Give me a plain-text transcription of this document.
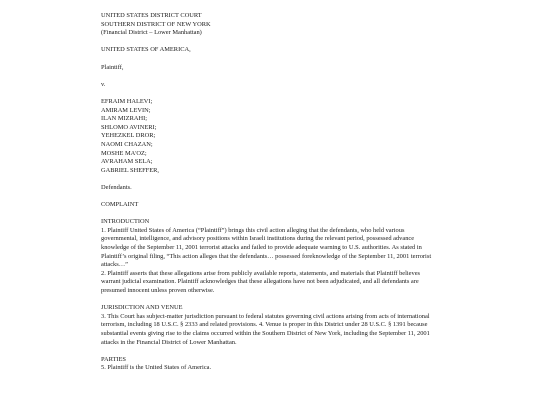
UNITED STATES DISTRICT COURT

SOUTHERN DISTRICT OF NEW YORK

(Financial District – Lower Manhattan)

UNITED STATES OF AMERICA,

Plaintiff,

v.

EFRAIM HALEVI;

AMIRAM LEVIN;

ILAN MIZRAHI;

SHLOMO AVINERI;

YEHEZKEL DROR;

NAOMI CHAZAN;

MOSHE MA'OZ;

AVRAHAM SELA;

GABRIEL SHEFFER,

Defendants.

COMPLAINT

INTRODUCTION

1. Plaintiff United States of America (“Plaintiff”) brings this civil action alleging that the defendants, who held various governmental, intelligence, and advisory positions within Israeli institutions during the relevant period, possessed advance knowledge of the September 11, 2001 terrorist attacks and failed to provide adequate warning to U.S. authorities. As stated in Plaintiff’s original filing, “This action alleges that the defendants… possessed foreknowledge of the September 11, 2001 terrorist attacks…”

2. Plaintiff asserts that these allegations arise from publicly available reports, statements, and materials that Plaintiff believes warrant judicial examination. Plaintiff acknowledges that these allegations have not been adjudicated, and all defendants are presumed innocent unless proven otherwise.

JURISDICTION AND VENUE

3. This Court has subject-matter jurisdiction pursuant to federal statutes governing civil actions arising from acts of international terrorism, including 18 U.S.C. § 2333 and related provisions. 4. Venue is proper in this District under 28 U.S.C. § 1391 because substantial events giving rise to the claims occurred within the Southern District of New York, including the September 11, 2001 attacks in the Financial District of Lower Manhattan.

PARTIES

5. Plaintiff is the United States of America.
